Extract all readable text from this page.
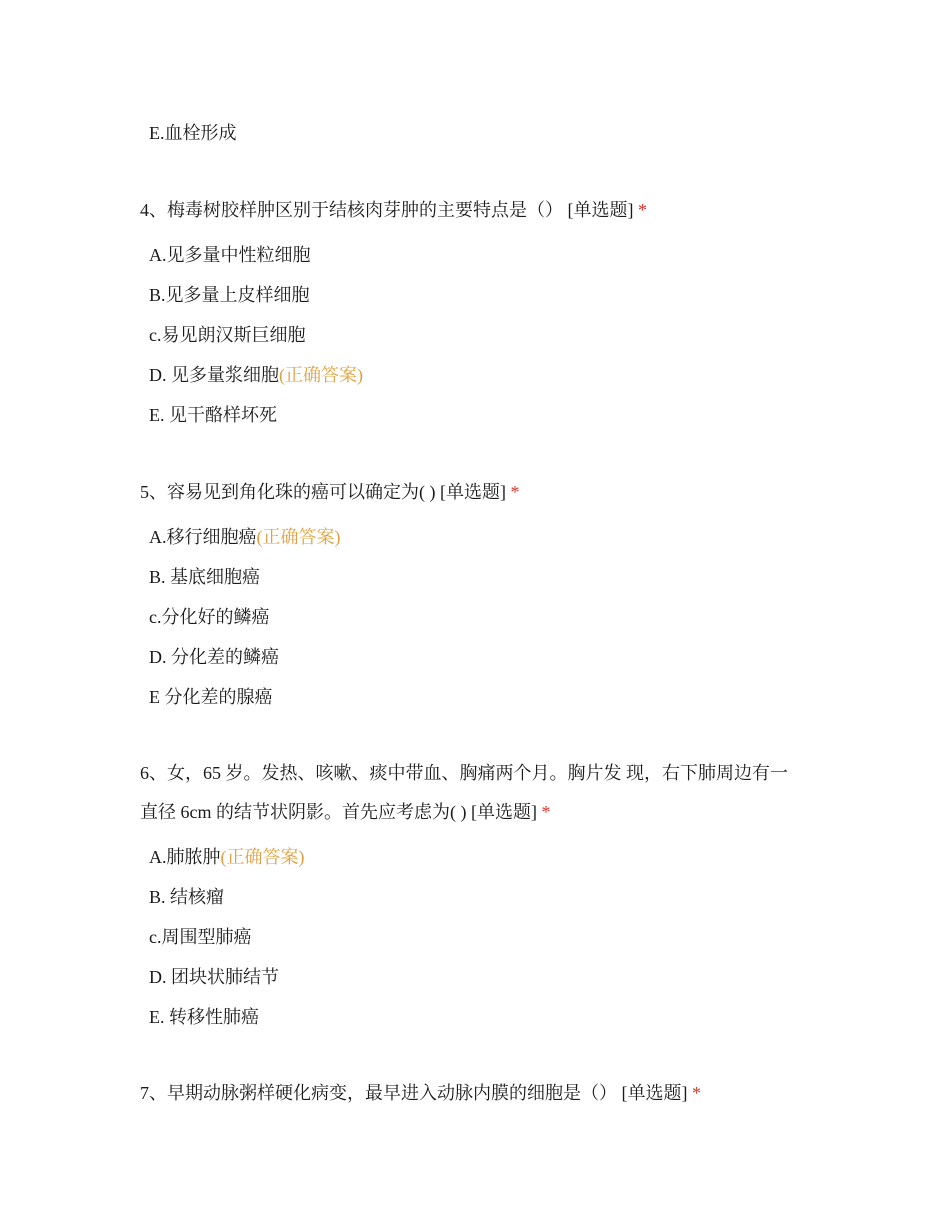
E.血栓形成
4、梅毒树胶样肿区别于结核肉芽肿的主要特点是（） [单选题] *
A.见多量中性粒细胞
B.见多量上皮样细胞
c.易见朗汉斯巨细胞
D. 见多量浆细胞(正确答案)
E. 见干酪样坏死
5、容易见到角化珠的癌可以确定为( ) [单选题] *
A.移行细胞癌(正确答案)
B. 基底细胞癌
c.分化好的鳞癌
D. 分化差的鳞癌
E 分化差的腺癌
6、女，65 岁。发热、咳嗽、痰中带血、胸痛两个月。胸片发 现，右下肺周边有一
直径 6cm 的结节状阴影。首先应考虑为( ) [单选题] *
A.肺脓肿(正确答案)
B. 结核瘤
c.周围型肺癌
D. 团块状肺结节
E. 转移性肺癌
7、早期动脉粥样硬化病变，最早进入动脉内膜的细胞是（） [单选题] *
